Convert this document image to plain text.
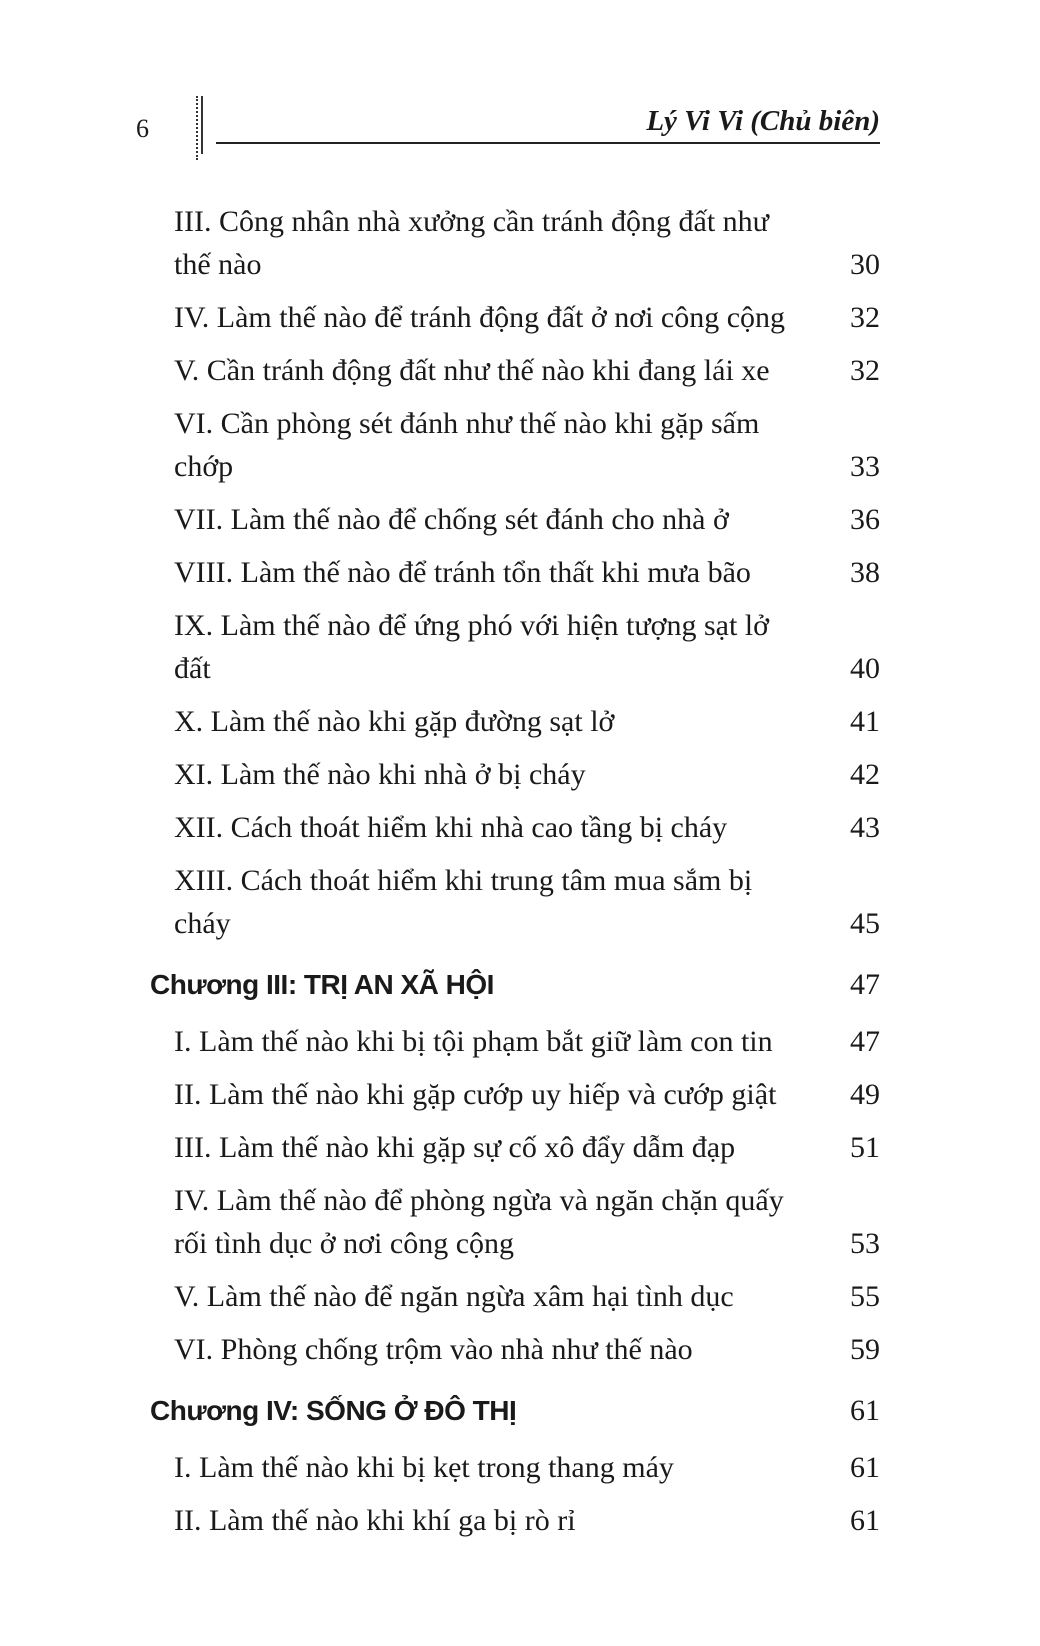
6	Lý Vi Vi (Chủ biên)
III. Công nhân nhà xưởng cần tránh động đất như thế nào	30
IV. Làm thế nào để tránh động đất ở nơi công cộng	32
V. Cần tránh động đất như thế nào khi đang lái xe	32
VI. Cần phòng sét đánh như thế nào khi gặp sấm chớp	33
VII. Làm thế nào để chống sét đánh cho nhà ở	36
VIII. Làm thế nào để tránh tổn thất khi mưa bão	38
IX. Làm thế nào để ứng phó với hiện tượng sạt lở đất	40
X. Làm thế nào khi gặp đường sạt lở	41
XI. Làm thế nào khi nhà ở bị cháy	42
XII. Cách thoát hiểm khi nhà cao tầng bị cháy	43
XIII. Cách thoát hiểm khi trung tâm mua sắm bị cháy	45
Chương III: TRỊ AN XÃ HỘI	47
I. Làm thế nào khi bị tội phạm bắt giữ làm con tin	47
II. Làm thế nào khi gặp cướp uy hiếp và cướp giật	49
III. Làm thế nào khi gặp sự cố xô đẩy dẫm đạp	51
IV. Làm thế nào để phòng ngừa và ngăn chặn quấy rối tình dục ở nơi công cộng	53
V. Làm thế nào để ngăn ngừa xâm hại tình dục	55
VI. Phòng chống trộm vào nhà như thế nào	59
Chương IV: SỐNG Ở ĐÔ THỊ	61
I. Làm thế nào khi bị kẹt trong thang máy	61
II. Làm thế nào khi khí ga bị rò rỉ	61
